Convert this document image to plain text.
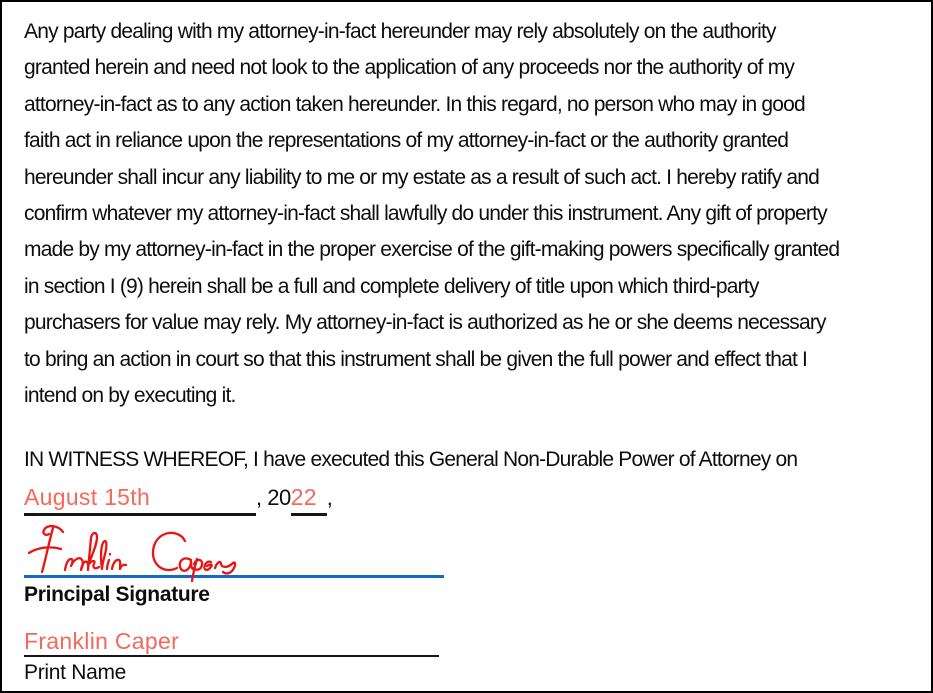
Any party dealing with my attorney-in-fact hereunder may rely absolutely on the authority
granted herein and need not look to the application of any proceeds nor the authority of my
attorney-in-fact as to any action taken hereunder. In this regard, no person who may in good
faith act in reliance upon the representations of my attorney-in-fact or the authority granted
hereunder shall incur any liability to me or my estate as a result of such act. I hereby ratify and
confirm whatever my attorney-in-fact shall lawfully do under this instrument. Any gift of property
made by my attorney-in-fact in the proper exercise of the gift-making powers specifically granted
in section I (9) herein shall be a full and complete delivery of title upon which third-party
purchasers for value may rely. My attorney-in-fact is authorized as he or she deems necessary
to bring an action in court so that this instrument shall be given the full power and effect that I
intend on by executing it.
IN WITNESS WHEREOF, I have executed this General Non-Durable Power of Attorney on
August 15th	, 20 22 ,
Principal Signature
Franklin Caper
Print Name
